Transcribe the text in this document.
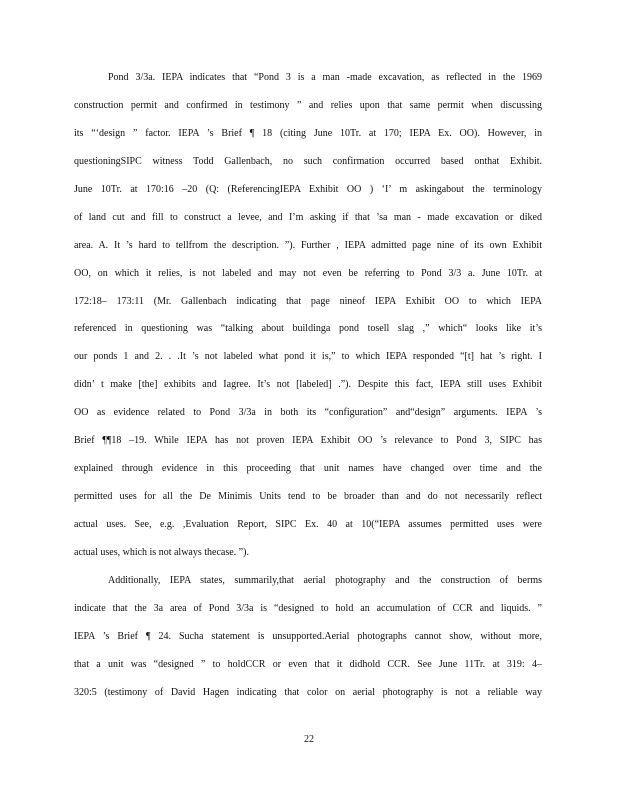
Pond 3/3a. IEPA indicates that “Pond 3 is a man -made excavation, as reflected in the 1969
construction permit and confirmed in testimony ” and relies upon that same permit when discussing
its “‘design ” factor. IEPA ’s Brief ¶ 18 (citing June 10Tr. at 170; IEPA Ex. OO). However, in
questioningSIPC witness Todd Gallenbach, no such confirmation occurred based onthat Exhibit.
June 10Tr. at 170:16 –20 (Q: (ReferencingIEPA Exhibit OO ) ‘I’ m askingabout the terminology
of land cut and fill to construct a levee, and I’m asking if that ’sa man - made excavation or diked
area. A. It ’s hard to tellfrom the description. ”). Further , IEPA admitted page nine of its own Exhibit
OO, on which it relies, is not labeled and may not even be referring to Pond 3/3 a. June 10Tr. at
172:18– 173:11 (Mr. Gallenbach indicating that page nineof IEPA Exhibit OO to which IEPA
referenced in questioning was “talking about buildinga pond tosell slag ,” which“ looks like it’s
our ponds 1 and 2. . .It ’s not labeled what pond it is,” to which IEPA responded “[t] hat ’s right. I
didn’ t make [the] exhibits and Iagree. It’s not [labeled] .”). Despite this fact, IEPA still uses Exhibit
OO as evidence related to Pond 3/3a in both its “configuration” and“design” arguments. IEPA ’s
Brief ¶¶18 –19. While IEPA has not proven IEPA Exhibit OO ’s relevance to Pond 3, SIPC has
explained through evidence in this proceeding that unit names have changed over time and the
permitted uses for all the De Minimis Units tend to be broader than and do not necessarily reflect
actual uses. See, e.g. ,Evaluation Report, SIPC Ex. 40 at 10(“IEPA assumes permitted uses were
actual uses, which is not always thecase. ”).
Additionally, IEPA states, summarily,that aerial photography and the construction of berms
indicate that the 3a area of Pond 3/3a is “designed to hold an accumulation of CCR and liquids. ”
IEPA ’s Brief ¶ 24. Sucha statement is unsupported.Aerial photographs cannot show, without more,
that a unit was “designed ” to holdCCR or even that it didhold CCR. See June 11Tr. at 319: 4–
320:5 (testimony of David Hagen indicating that color on aerial photography is not a reliable way
22
